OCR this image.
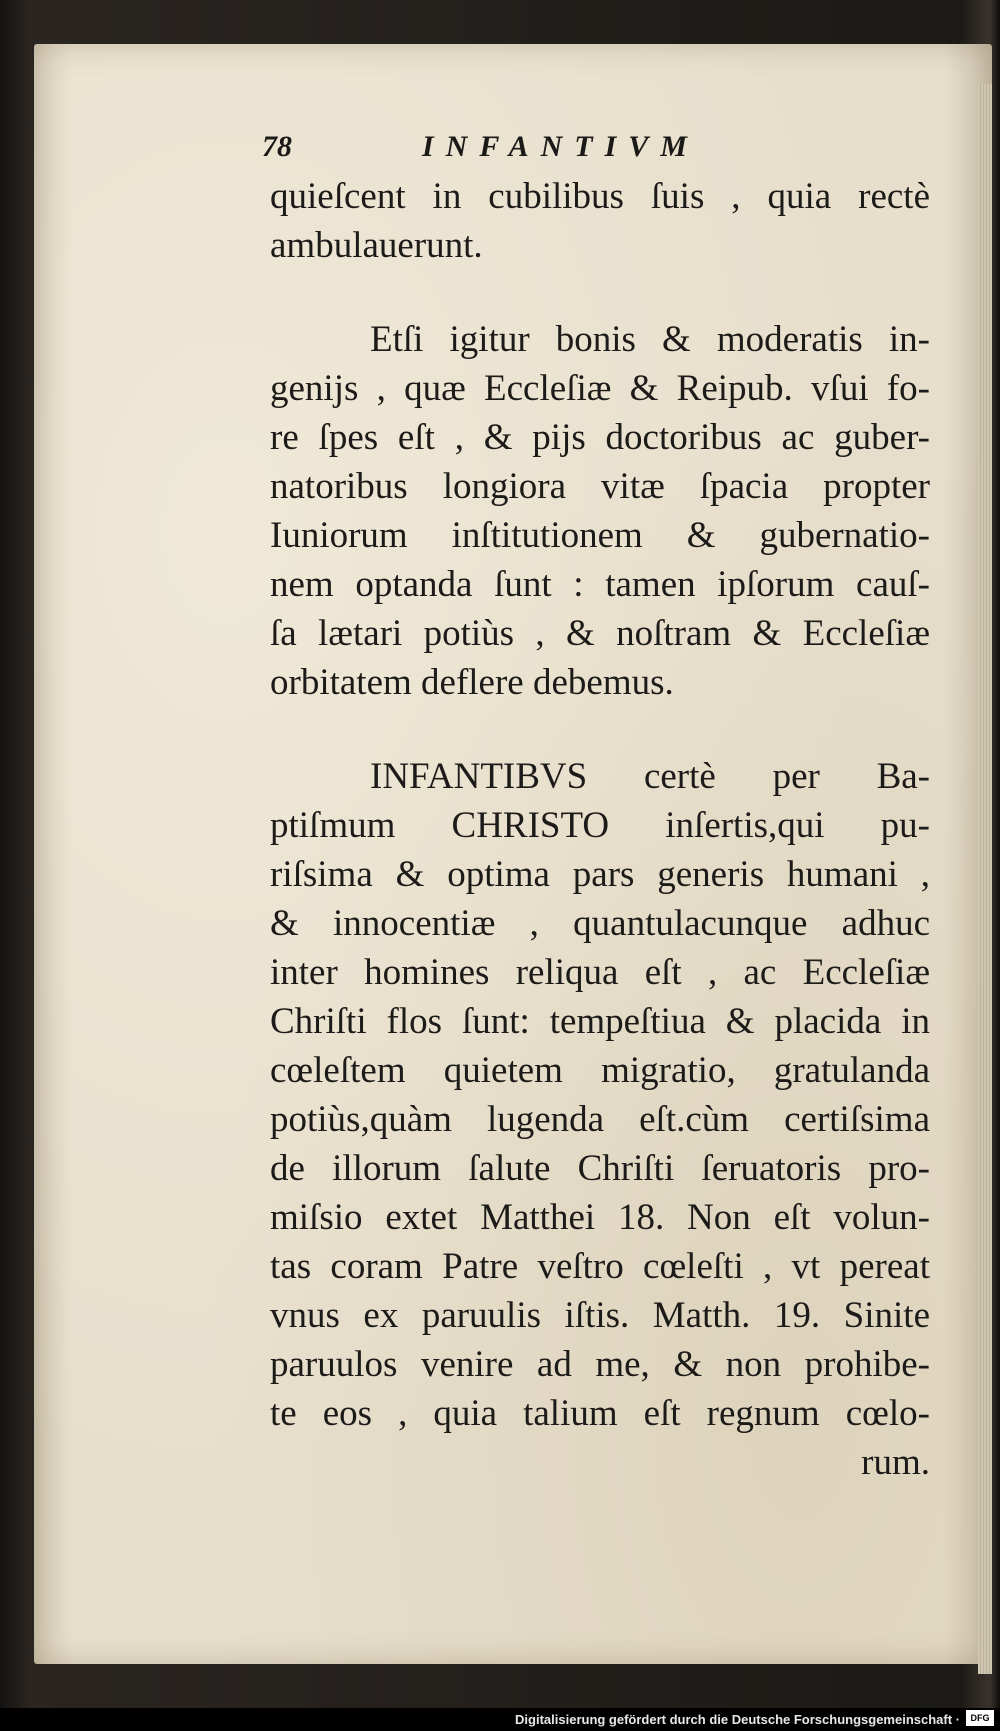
78	INFANTIVM
quieſcent in cubilibus ſuis , quia rectè
ambulauerunt.
Etſi igitur bonis & moderatis in-
genijs , quæ Eccleſiæ & Reipub. vſui fo-
re ſpes eſt , & pijs doctoribus ac guber-
natoribus longiora vitæ ſpacia propter
Iuniorum inſtitutionem & gubernatio-
nem optanda ſunt : tamen ipſorum cauſ-
ſa lætari potiùs , & noſtram & Eccleſiæ
orbitatem deflere debemus.
INFANTIBVS certè per Ba-
ptiſmum CHRISTO inſertis,qui pu-
riſsima & optima pars generis humani ,
& innocentiæ , quantulacunque adhuc
inter homines reliqua eſt , ac Eccleſiæ
Chriſti flos ſunt: tempeſtiua & placida in
cœleſtem quietem migratio, gratulanda
potiùs,quàm lugenda eſt.cùm certiſsima
de illorum ſalute Chriſti ſeruatoris pro-
miſsio extet Matthei 18. Non eſt volun-
tas coram Patre veſtro cœleſti , vt pereat
vnus ex paruulis iſtis. Matth. 19. Sinite
paruulos venire ad me, & non prohibe-
te eos , quia talium eſt regnum cœlo-
rum.
Digitalisierung gefördert durch die Deutsche Forschungsgemeinschaft ·	DFG
